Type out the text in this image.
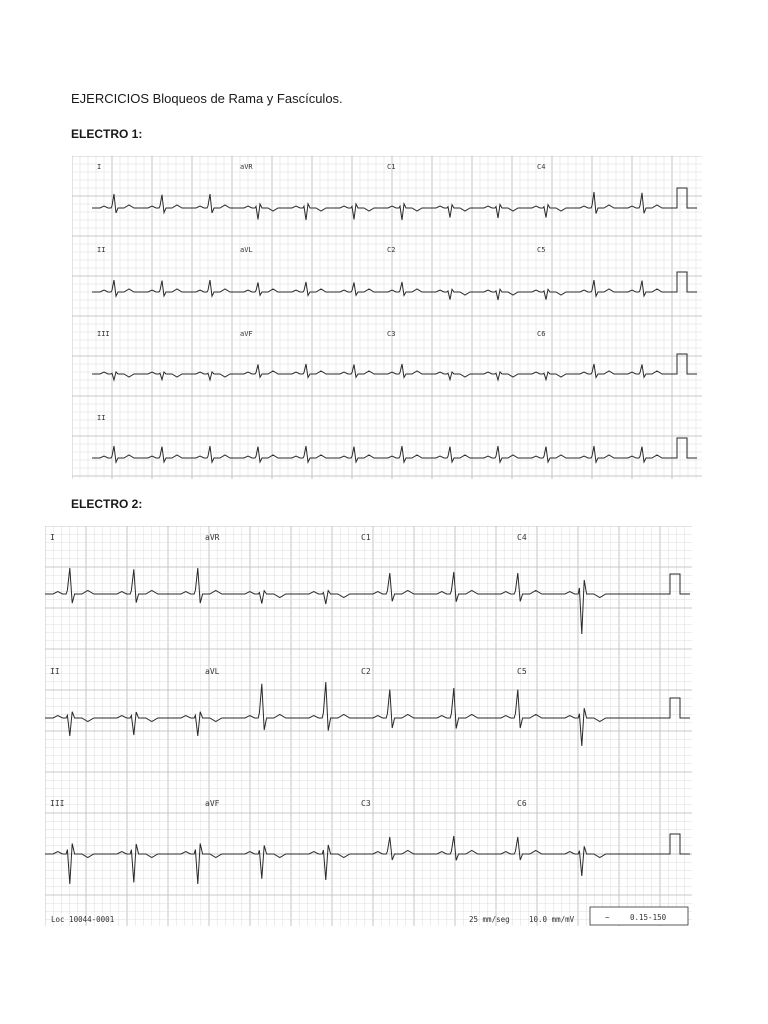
EJERCICIOS Bloqueos de Rama y Fascículos.
ELECTRO 1:
I	aVR	C1	C4
II	aVL	C2	C5
III	aVF	C3	C6
II
ELECTRO 2:
I	aVR	C1	C4
II	aVL	C2	C5
III	aVF	C3	C6
Loc 10044-0001	25 mm/seg	10.0 mm/mV	~	0.15-150
